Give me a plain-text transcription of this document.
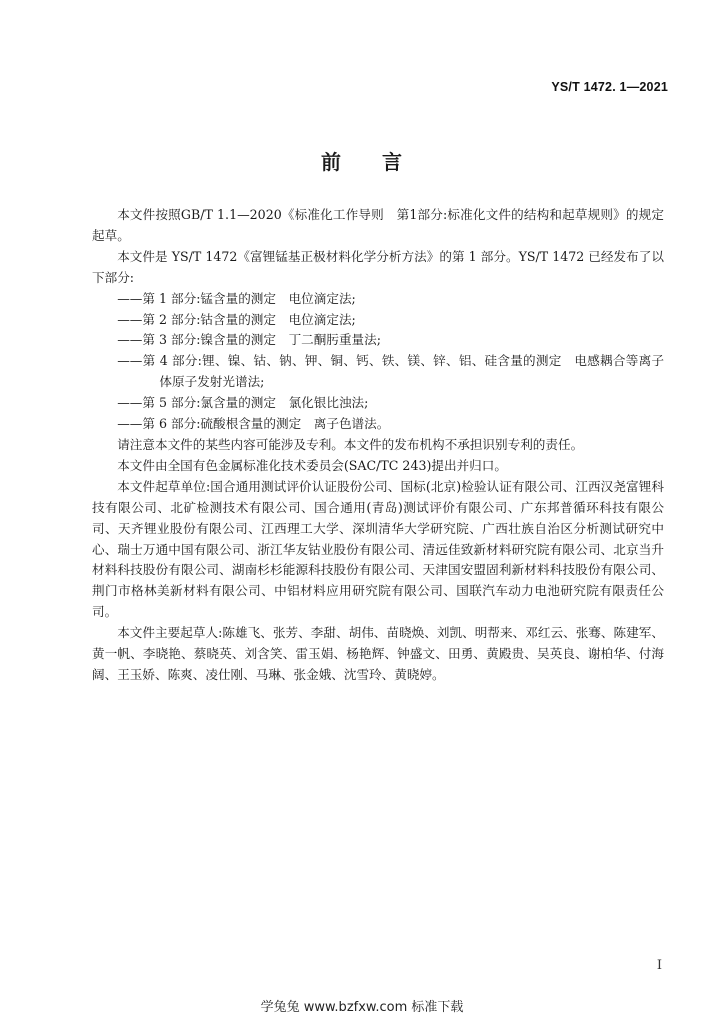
YS/T 1472. 1—2021
前 言

本文件按照GB/T 1.1—2020《标准化工作导则　第1部分:标准化文件的结构和起草规则》的规定起草。

本文件是 YS/T 1472《富锂锰基正极材料化学分析方法》的第 1 部分。YS/T 1472 已经发布了以下部分:

——第 1 部分:锰含量的测定　电位滴定法;

——第 2 部分:钴含量的测定　电位滴定法;

——第 3 部分:镍含量的测定　丁二酮肟重量法;

——第 4 部分:锂、镍、钴、钠、钾、铜、钙、铁、镁、锌、铝、硅含量的测定　电感耦合等离子体原子发射光谱法;

——第 5 部分:氯含量的测定　氯化银比浊法;

——第 6 部分:硫酸根含量的测定　离子色谱法。

请注意本文件的某些内容可能涉及专利。本文件的发布机构不承担识别专利的责任。

本文件由全国有色金属标准化技术委员会(SAC/TC 243)提出并归口。

本文件起草单位:国合通用测试评价认证股份公司、国标(北京)检验认证有限公司、江西汉尧富锂科技有限公司、北矿检测技术有限公司、国合通用(青岛)测试评价有限公司、广东邦普循环科技有限公司、天齐锂业股份有限公司、江西理工大学、深圳清华大学研究院、广西壮族自治区分析测试研究中心、瑞士万通中国有限公司、浙江华友钴业股份有限公司、清远佳致新材料研究院有限公司、北京当升材料科技股份有限公司、湖南杉杉能源科技股份有限公司、天津国安盟固利新材料科技股份有限公司、荆门市格林美新材料有限公司、中铝材料应用研究院有限公司、国联汽车动力电池研究院有限责任公司。

本文件主要起草人:陈雄飞、张芳、李甜、胡伟、苗晓焕、刘凯、明帮来、邓红云、张骞、陈建军、黄一帆、李晓艳、蔡晓英、刘含笑、雷玉娟、杨艳辉、钟盛文、田勇、黄殿贵、吴英良、谢柏华、付海阔、王玉娇、陈爽、凌仕刚、马琳、张金娥、沈雪玲、黄晓婷。

I
学兔兔 www.bzfxw.com 标准下载
